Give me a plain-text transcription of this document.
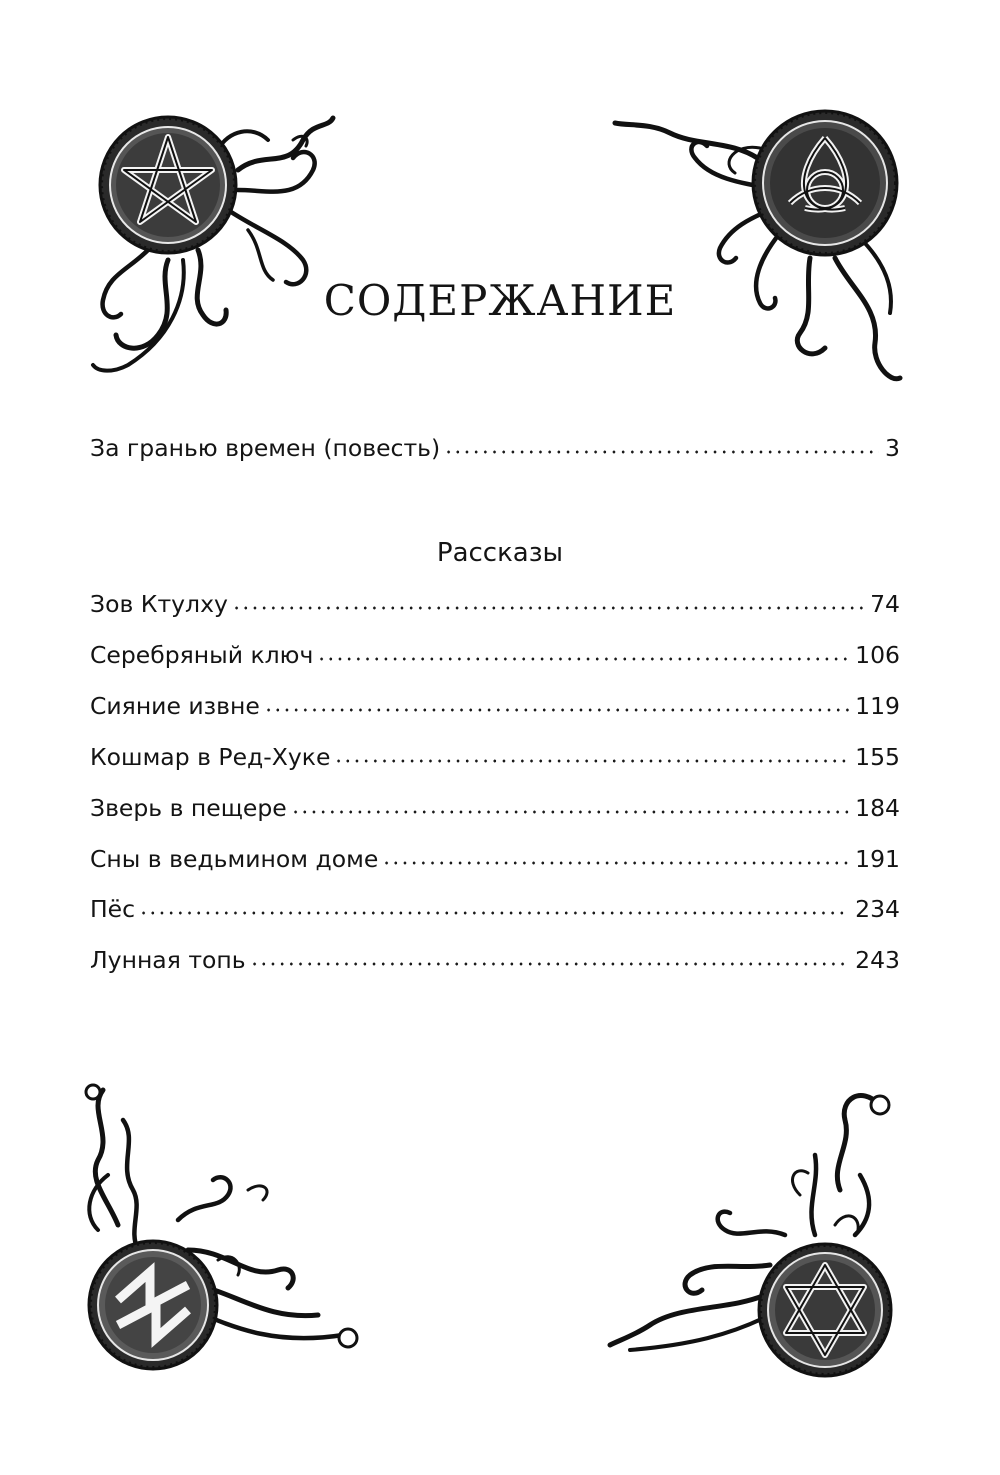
СОДЕРЖАНИЕ
За гранью времен (повесть)	3
Рассказы
Зов Ктулху	74
Серебряный ключ	106
Сияние извне	119
Кошмар в Ред-Хуке	155
Зверь в пещере	184
Сны в ведьмином доме	191
Пёс	234
Лунная топь	243
